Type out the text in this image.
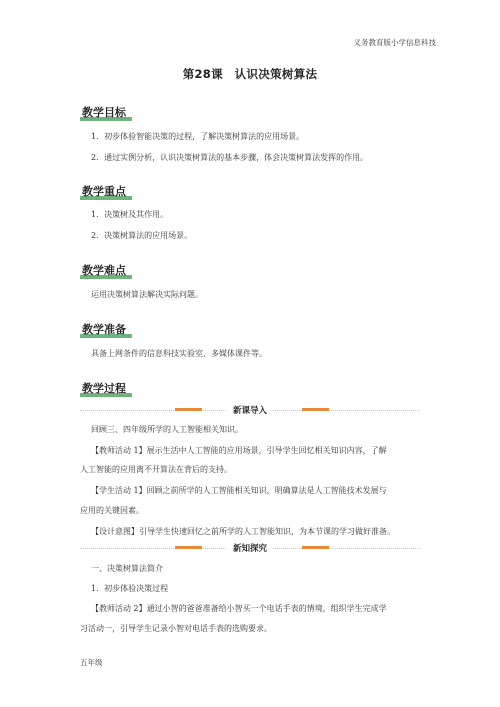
义务教育版小学信息科技
第28课　认识决策树算法
教学目标
1．初步体验智能决策的过程，了解决策树算法的应用场景。
2．通过实例分析，认识决策树算法的基本步骤，体会决策树算法发挥的作用。
教学重点
1．决策树及其作用。
2．决策树算法的应用场景。
教学难点
运用决策树算法解决实际问题。
教学准备
具备上网条件的信息科技实验室、多媒体课件等。
教学过程
新课导入
回顾三、四年级所学的人工智能相关知识。
【教师活动 1】展示生活中人工智能的应用场景，引导学生回忆相关知识内容，了解
人工智能的应用离不开算法在背后的支持。
【学生活动 1】回顾之前所学的人工智能相关知识，明确算法是人工智能技术发展与
应用的关键因素。
【设计意图】引导学生快速回忆之前所学的人工智能知识，为本节课的学习做好准备。
新知探究
一、决策树算法简介
1．初步体验决策过程
【教师活动 2】通过小智的爸爸准备给小智买一个电话手表的情境，组织学生完成学
习活动一，引导学生记录小智对电话手表的选购要求。
五年级
